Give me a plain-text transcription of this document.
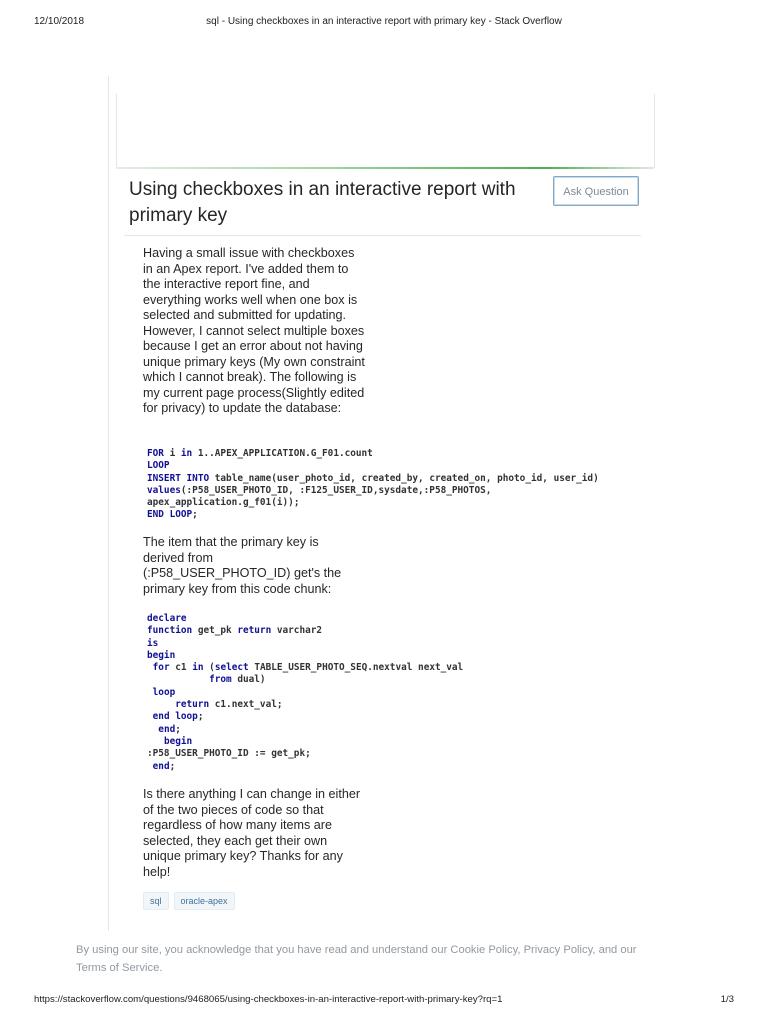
12/10/2018	sql - Using checkboxes in an interactive report with primary key - Stack Overflow
Using checkboxes in an interactive report with primary key
Ask Question

Having a small issue with checkboxes in an Apex report. I've added them to the interactive report fine, and everything works well when one box is selected and submitted for updating. However, I cannot select multiple boxes because I get an error about not having unique primary keys (My own constraint which I cannot break). The following is my current page process(Slightly edited for privacy) to update the database:

FOR i in 1..APEX_APPLICATION.G_F01.count
LOOP
INSERT INTO table_name(user_photo_id, created_by, created_on, photo_id, user_id)
values(:P58_USER_PHOTO_ID, :F125_USER_ID,sysdate,:P58_PHOTOS,
apex_application.g_f01(i));
END LOOP;

The item that the primary key is derived from (:P58_USER_PHOTO_ID) get's the primary key from this code chunk:

declare
function get_pk return varchar2
is
begin
for c1 in (select TABLE_USER_PHOTO_SEQ.nextval next_val
from dual)
loop
return c1.next_val;
end loop;
end;
begin
:P58_USER_PHOTO_ID := get_pk;
end;

Is there anything I can change in either of the two pieces of code so that regardless of how many items are selected, they each get their own unique primary key? Thanks for any help!

sql	oracle-apex
By using our site, you acknowledge that you have read and understand our Cookie Policy, Privacy Policy, and our Terms of Service.
https://stackoverflow.com/questions/9468065/using-checkboxes-in-an-interactive-report-with-primary-key?rq=1	1/3
